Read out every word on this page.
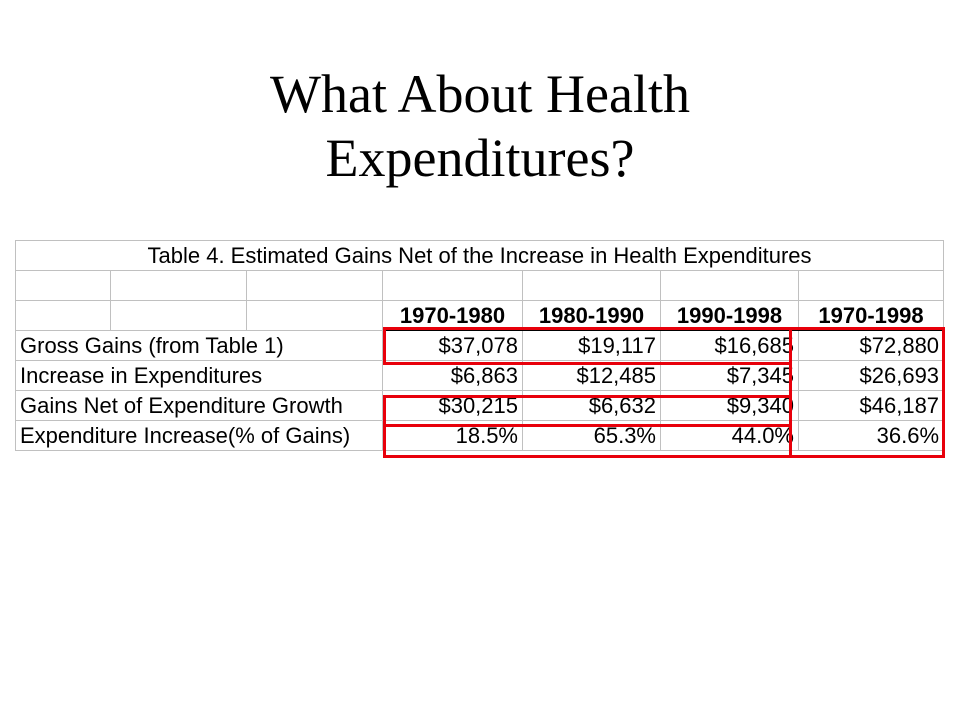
What About Health
Expenditures?
Table 4. Estimated Gains Net of the Increase in Health Expenditures						

			1970-1980	1980-1990	1990-1998	1970-1998
Gross Gains (from Table 1)			$37,078	$19,117	$16,685	$72,880
Increase in Expenditures			$6,863	$12,485	$7,345	$26,693
Gains Net of Expenditure Growth			$30,215	$6,632	$9,340	$46,187
Expenditure Increase(% of Gains)			18.5%	65.3%	44.0%	36.6%
